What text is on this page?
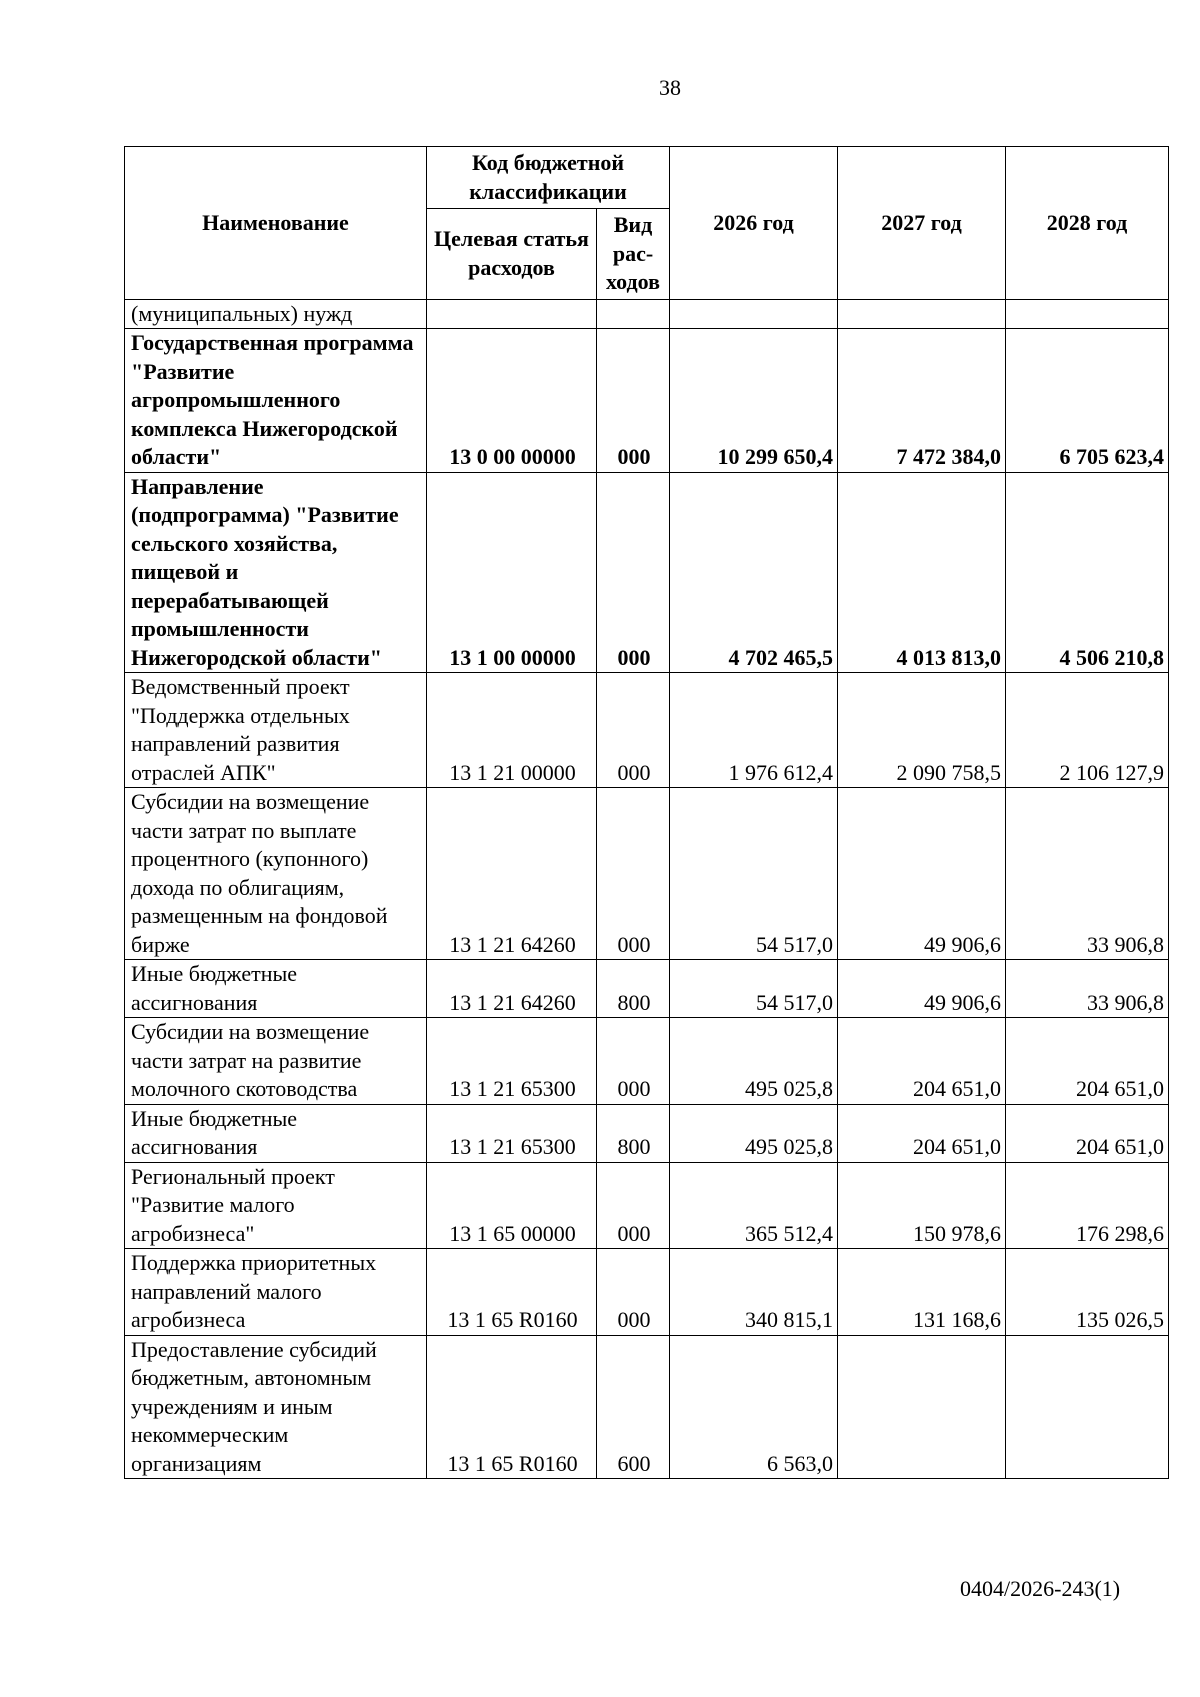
38
Наименование	Код бюджетной классификации		2026 год	2027 год	2028 год
	Целевая статья расходов	Вид рас-ходов			
(муниципальных) нужд					
Государственная программа "Развитие агропромышленного комплекса Нижегородской области"	13 0 00 00000	000	10 299 650,4	7 472 384,0	6 705 623,4
Направление (подпрограмма) "Развитие сельского хозяйства, пищевой и перерабатывающей промышленности Нижегородской области"	13 1 00 00000	000	4 702 465,5	4 013 813,0	4 506 210,8
Ведомственный проект "Поддержка отдельных направлений развития отраслей АПК"	13 1 21 00000	000	1 976 612,4	2 090 758,5	2 106 127,9
Субсидии на возмещение части затрат по выплате процентного (купонного) дохода по облигациям, размещенным на фондовой бирже	13 1 21 64260	000	54 517,0	49 906,6	33 906,8
Иные бюджетные ассигнования	13 1 21 64260	800	54 517,0	49 906,6	33 906,8
Субсидии на возмещение части затрат на развитие молочного скотоводства	13 1 21 65300	000	495 025,8	204 651,0	204 651,0
Иные бюджетные ассигнования	13 1 21 65300	800	495 025,8	204 651,0	204 651,0
Региональный проект "Развитие малого агробизнеса"	13 1 65 00000	000	365 512,4	150 978,6	176 298,6
Поддержка приоритетных направлений малого агробизнеса	13 1 65 R0160	000	340 815,1	131 168,6	135 026,5
Предоставление субсидий бюджетным, автономным учреждениям и иным некоммерческим организациям	13 1 65 R0160	600	6 563,0		
0404/2026-243(1)
